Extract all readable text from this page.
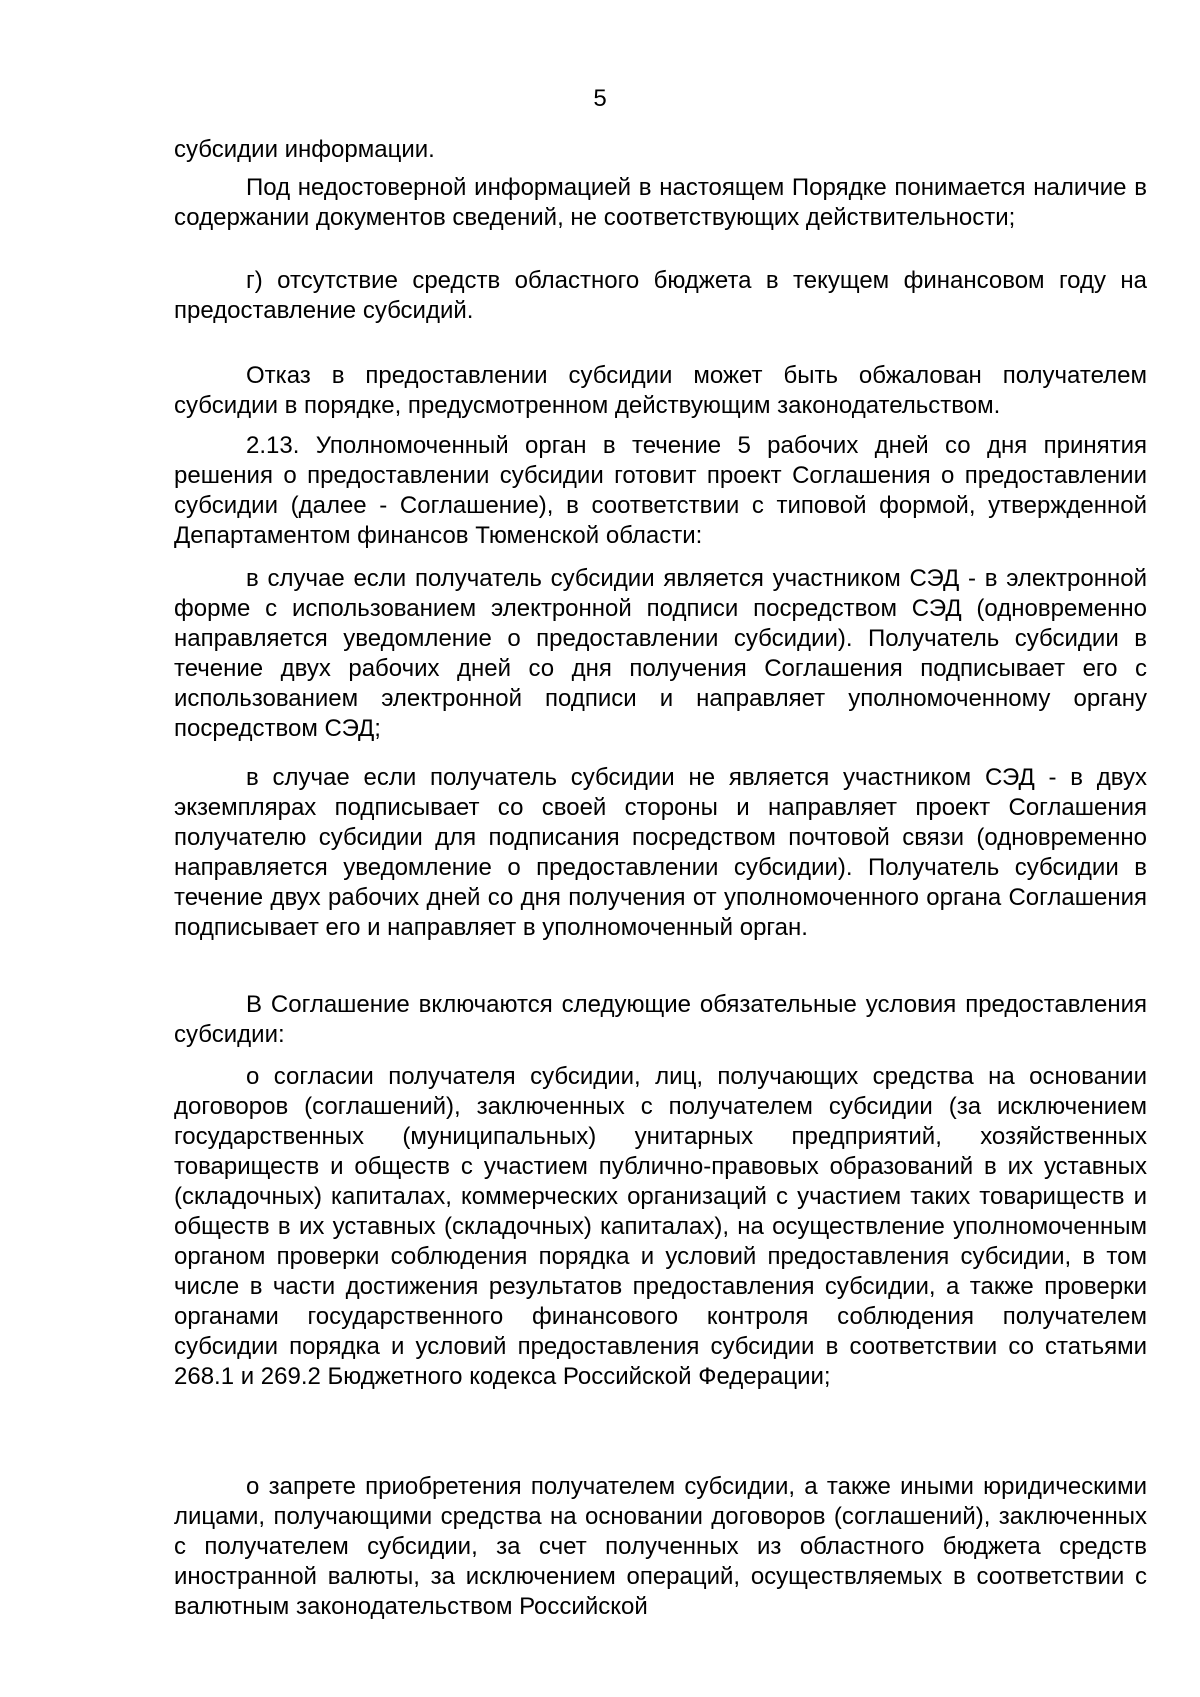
5

субсидии информации.

Под недостоверной информацией в настоящем Порядке понимается наличие в содержании документов сведений, не соответствующих действительности;

г) отсутствие средств областного бюджета в текущем финансовом году на предоставление субсидий.

Отказ в предоставлении субсидии может быть обжалован получателем субсидии в порядке, предусмотренном действующим законодательством.

2.13. Уполномоченный орган в течение 5 рабочих дней со дня принятия решения о предоставлении субсидии готовит проект Соглашения о предоставлении субсидии (далее - Соглашение), в соответствии с типовой формой, утвержденной Департаментом финансов Тюменской области:

в случае если получатель субсидии является участником СЭД - в электронной форме с использованием электронной подписи посредством СЭД (одновременно направляется уведомление о предоставлении субсидии). Получатель субсидии в течение двух рабочих дней со дня получения Соглашения подписывает его с использованием электронной подписи и направляет уполномоченному органу посредством СЭД;

в случае если получатель субсидии не является участником СЭД - в двух экземплярах подписывает со своей стороны и направляет проект Соглашения получателю субсидии для подписания посредством почтовой связи (одновременно направляется уведомление о предоставлении субсидии). Получатель субсидии в течение двух рабочих дней со дня получения от уполномоченного органа Соглашения подписывает его и направляет в уполномоченный орган.

В Соглашение включаются следующие обязательные условия предоставления субсидии:

о согласии получателя субсидии, лиц, получающих средства на основании договоров (соглашений), заключенных с получателем субсидии (за исключением государственных (муниципальных) унитарных предприятий, хозяйственных товариществ и обществ с участием публично-правовых образований в их уставных (складочных) капиталах, коммерческих организаций с участием таких товариществ и обществ в их уставных (складочных) капиталах), на осуществление уполномоченным органом проверки соблюдения порядка и условий предоставления субсидии, в том числе в части достижения результатов предоставления субсидии, а также проверки органами государственного финансового контроля соблюдения получателем субсидии порядка и условий предоставления субсидии в соответствии со статьями 268.1 и 269.2 Бюджетного кодекса Российской Федерации;

о запрете приобретения получателем субсидии, а также иными юридическими лицами, получающими средства на основании договоров (соглашений), заключенных с получателем субсидии, за счет полученных из областного бюджета средств иностранной валюты, за исключением операций, осуществляемых в соответствии с валютным законодательством Российской
